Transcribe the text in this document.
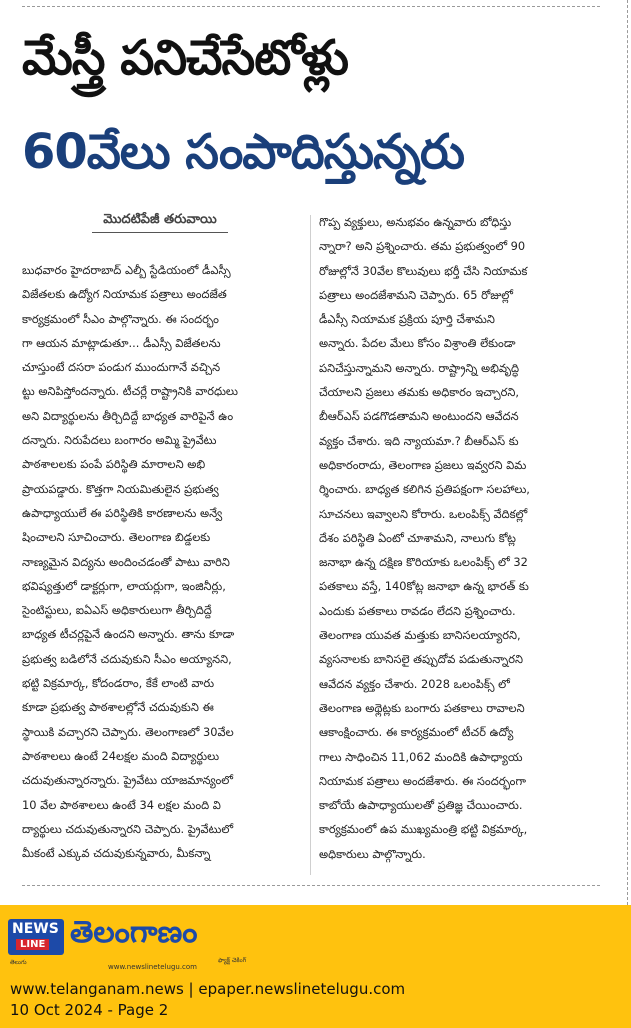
మేస్త్రీ పనిచేసేటోళ్లు
60వేలు సంపాదిస్తున్నరు
మొదటిపేజీ తరువాయి
బుధవారం హైదరాబాద్ ఎల్బీ స్టేడియంలో డీఎస్సీ
విజేతలకు ఉద్యోగ నియామక పత్రాలు అందజేత
కార్యక్రమంలో సీఎం పాల్గొన్నారు. ఈ సందర్భం
గా ఆయన మాట్లాడుతూ... డీఎస్సీ విజేతలను
చూస్తుంటే దసరా పండుగ ముందుగానే వచ్చిన
ట్టు అనిపిస్తోందన్నారు. టీచర్లే రాష్ట్రానికి వారధులు
అని విద్యార్థులను తీర్చిదిద్దే బాధ్యత వారిపైనే ఉం
దన్నారు. నిరుపేదలు బంగారం అమ్మి ప్రైవేటు
పాఠశాలలకు పంపే పరిస్థితి మారాలని అభి
ప్రాయపడ్డారు. కొత్తగా నియమితులైన ప్రభుత్వ
ఉపాధ్యాయులే ఈ పరిస్థితికి కారణాలను అన్వే
షించాలని సూచించారు. తెలంగాణ బిడ్డలకు
నాణ్యమైన విద్యను అందించడంతో పాటు వారిని
భవిష్యత్తులో డాక్టర్లుగా, లాయర్లుగా, ఇంజినీర్లు,
సైంటిస్టులు, ఐఏఎస్ అధికారులుగా తీర్చిదిద్దే
బాధ్యత టీచర్లపైనే ఉందని అన్నారు. తాను కూడా
ప్రభుత్వ బడిలోనే చదువుకుని సీఎం అయ్యానని,
భట్టి విక్రమార్క, కోదండరాం, కేకే లాంటి వారు
కూడా ప్రభుత్వ పాఠశాలల్లోనే చదువుకుని ఈ
స్థాయికి వచ్చారని చెప్పారు. తెలంగాణలో 30వేల
పాఠశాలలు ఉంటే 24లక్షల మంది విద్యార్థులు
చదువుతున్నారన్నారు. ప్రైవేటు యాజమాన్యంలో
10 వేల పాఠశాలలు ఉంటే 34 లక్షల మంది వి
ద్యార్థులు చదువుతున్నారని చెప్పారు. ప్రైవేటులో
మీకంటే ఎక్కువ చదువుకున్నవారు, మీకన్నా
గొప్ప వ్యక్తులు, అనుభవం ఉన్నవారు బోధిస్తు
న్నారా? అని ప్రశ్నించారు. తమ ప్రభుత్వంలో 90
రోజుల్లోనే 30వేల కొలువులు భర్తీ చేసి నియామక
పత్రాలు అందజేశామని చెప్పారు. 65 రోజుల్లో
డీఎస్సీ నియామక ప్రక్రియ పూర్తి చేశామని
అన్నారు. పేదల మేలు కోసం విశ్రాంతి లేకుండా
పనిచేస్తున్నామని అన్నారు. రాష్ట్రాన్ని అభివృద్ధి
చేయాలని ప్రజలు తమకు అధికారం ఇచ్చారని,
బీఆర్ఎస్ పడగొడతామని అంటుందని ఆవేదన
వ్యక్తం చేశారు. ఇది న్యాయమా.? బీఆర్ఎస్ కు
అధికారంరాదు, తెలంగాణ ప్రజలు ఇవ్వరని విమ
ర్శించారు. బాధ్యత కలిగిన ప్రతిపక్షంగా సలహాలు,
సూచనలు ఇవ్వాలని కోరారు. ఒలంపిక్స్ వేదికల్లో
దేశం పరిస్థితి ఏంటో చూశామని, నాలుగు కోట్ల
జనాభా ఉన్న దక్షిణ కొరియాకు ఒలంపిక్స్ లో 32
పతకాలు వస్తే, 140కోట్ల జనాభా ఉన్న భారత్ కు
ఎందుకు పతకాలు రావడం లేదని ప్రశ్నించారు.
తెలంగాణ యువత మత్తుకు బానిసలయ్యారని,
వ్యసనాలకు బానిసలై తప్పుదోవ పడుతున్నారని
ఆవేదన వ్యక్తం చేశారు. 2028 ఒలంపిక్స్ లో
తెలంగాణ అథ్లెట్లకు బంగారు పతకాలు రావాలని
ఆకాంక్షించారు. ఈ కార్యక్రమంలో టీచర్ ఉద్యో
గాలు సాధించిన 11,062 మందికి ఉపాధ్యాయ
నియామక పత్రాలు అందజేశారు. ఈ సందర్భంగా
కాబోయే ఉపాధ్యాయులతో ప్రతిజ్ఞ చేయించారు.
కార్యక్రమంలో ఉప ముఖ్యమంత్రి భట్టి విక్రమార్క,
అధికారులు పాల్గొన్నారు.
NEWS
LINE తెలంగాణం
తెలుగు
www.newslinetelugu.com
ఫ్యాక్ట్ చెకింగ్
www.telanganam.news | epaper.newslinetelugu.com
10 Oct 2024 - Page 2
